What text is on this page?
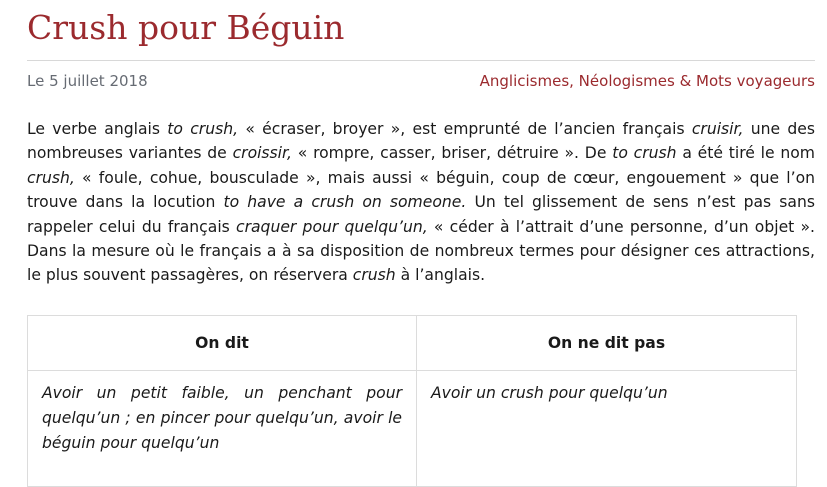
Crush pour Béguin
Le 5 juillet 2018	Anglicismes, Néologismes & Mots voyageurs

Le verbe anglais to crush, « écraser, broyer », est emprunté de l’ancien français cruisir, une des nombreuses variantes de croissir, « rompre, casser, briser, détruire ». De to crush a été tiré le nom crush, « foule, cohue, bousculade », mais aussi « béguin, coup de cœur, engouement » que l’on trouve dans la locution to have a crush on someone. Un tel glissement de sens n’est pas sans rappeler celui du français craquer pour quelqu’un, « céder à l’attrait d’une personne, d’un objet ». Dans la mesure où le français a à sa disposition de nombreux termes pour désigner ces attractions, le plus souvent passagères, on réservera crush à l’anglais.

On dit	On ne dit pas
Avoir un petit faible, un penchant pour quelqu’un ; en pincer pour quelqu’un, avoir le béguin pour quelqu’un	Avoir un crush pour quelqu’un
